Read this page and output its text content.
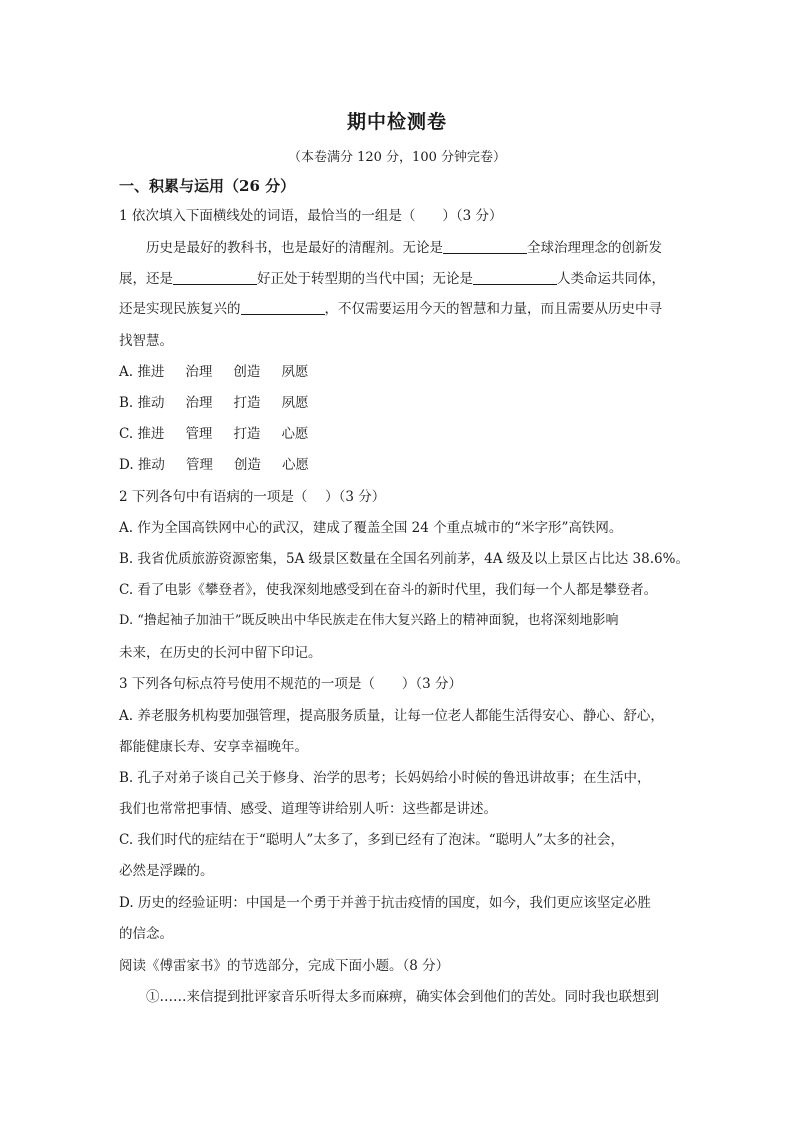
期中检测卷
（本卷满分 120 分，100 分钟完卷）
一、积累与运用（26 分）
1 依次填入下面横线处的词语，最恰当的一组是（　　）（3 分）
历史是最好的教科书，也是最好的清醒剂。无论是	全球治理理念的创新发
展，还是	好正处于转型期的当代中国；无论是	人类命运共同体，
还是实现民族复兴的	，不仅需要运用今天的智慧和力量，而且需要从历史中寻
找智慧。
A. 推进 治理 创造 夙愿
B. 推动 治理 打造 夙愿
C. 推进 管理 打造 心愿
D. 推动 管理 创造 心愿
2 下列各句中有语病的一项是（　 ）（3 分）
A. 作为全国高铁网中心的武汉，建成了覆盖全国 24 个重点城市的“米字形”高铁网。
B. 我省优质旅游资源密集，5A 级景区数量在全国名列前茅，4A 级及以上景区占比达 38.6%。
C. 看了电影《攀登者》，使我深刻地感受到在奋斗的新时代里，我们每一个人都是攀登者。
D. “撸起袖子加油干”既反映出中华民族走在伟大复兴路上的精神面貌，也将深刻地影响
未来，在历史的长河中留下印记。
3 下列各句标点符号使用不规范的一项是（　　）（3 分）
A. 养老服务机构要加强管理，提高服务质量，让每一位老人都能生活得安心、静心、舒心，
都能健康长寿、安享幸福晚年。
B. 孔子对弟子谈自己关于修身、治学的思考；长妈妈给小时候的鲁迅讲故事；在生活中，
我们也常常把事情、感受、道理等讲给别人听：这些都是讲述。
C. 我们时代的症结在于“聪明人”太多了，多到已经有了泡沫。“聪明人”太多的社会，
必然是浮躁的。
D. 历史的经验证明：中国是一个勇于并善于抗击疫情的国度，如今，我们更应该坚定必胜
的信念。
阅读《傅雷家书》的节选部分，完成下面小题。（8 分）
①……来信提到批评家音乐听得太多而麻痹，确实体会到他们的苦处。同时我也联想到
